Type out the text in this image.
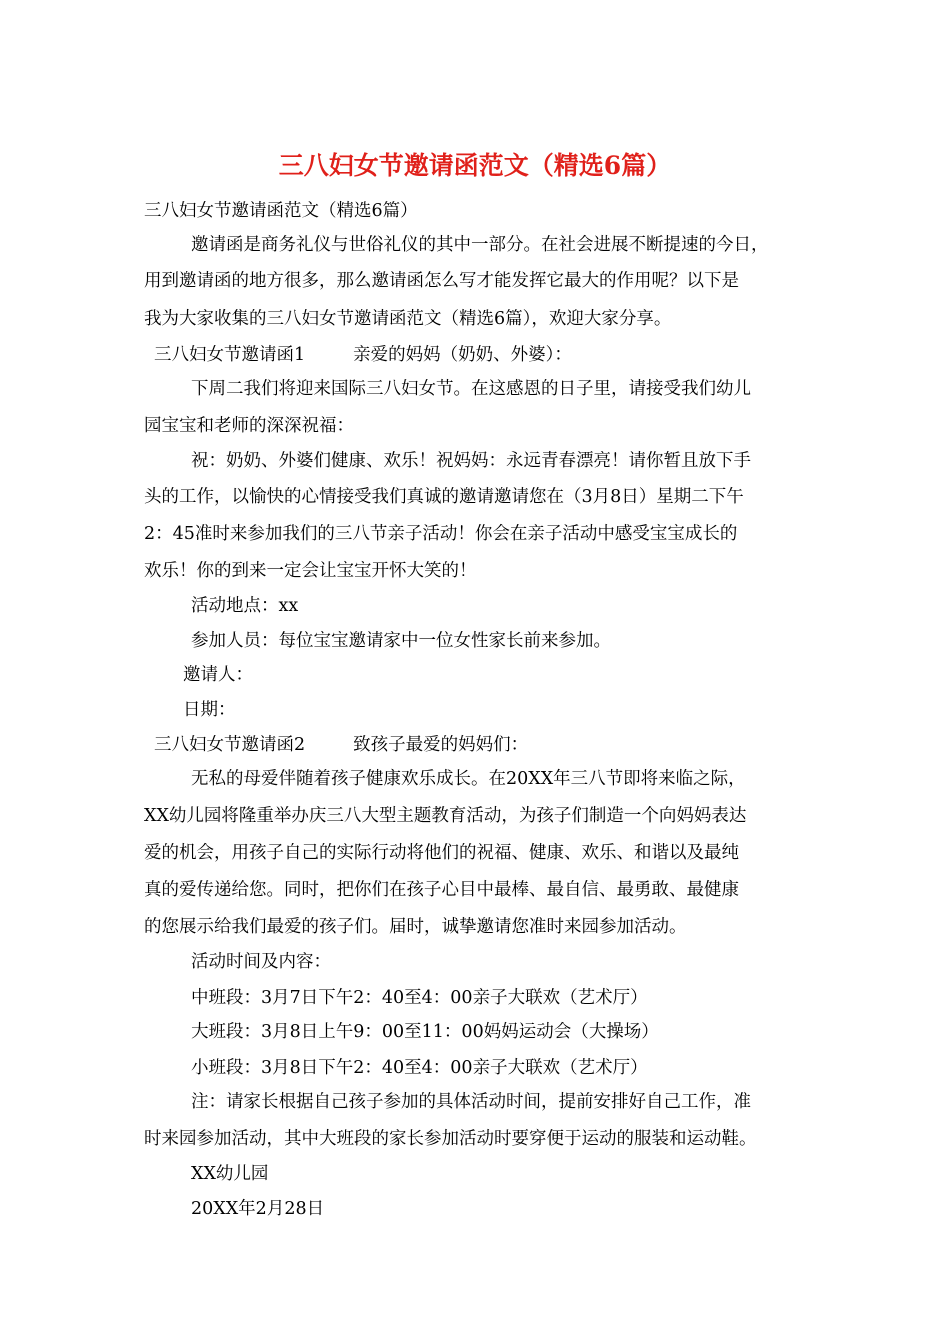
三八妇女节邀请函范文（精选6篇）
三八妇女节邀请函范文（精选6篇）
邀请函是商务礼仪与世俗礼仪的其中一部分。在社会进展不断提速的今日，
用到邀请函的地方很多，那么邀请函怎么写才能发挥它最大的作用呢？以下是
我为大家收集的三八妇女节邀请函范文（精选6篇），欢迎大家分享。
三八妇女节邀请函1	亲爱的妈妈（奶奶、外婆）：
下周二我们将迎来国际三八妇女节。在这感恩的日子里，请接受我们幼儿
园宝宝和老师的深深祝福：
祝：奶奶、外婆们健康、欢乐！祝妈妈：永远青春漂亮！请你暂且放下手
头的工作，以愉快的心情接受我们真诚的邀请邀请您在（3月8日）星期二下午
2：45准时来参加我们的三八节亲子活动！你会在亲子活动中感受宝宝成长的
欢乐！你的到来一定会让宝宝开怀大笑的！
活动地点：xx
参加人员：每位宝宝邀请家中一位女性家长前来参加。
邀请人：
日期：
三八妇女节邀请函2	致孩子最爱的妈妈们：
无私的母爱伴随着孩子健康欢乐成长。在20XX年三八节即将来临之际，
XX幼儿园将隆重举办庆三八大型主题教育活动，为孩子们制造一个向妈妈表达
爱的机会，用孩子自己的实际行动将他们的祝福、健康、欢乐、和谐以及最纯
真的爱传递给您。同时，把你们在孩子心目中最棒、最自信、最勇敢、最健康
的您展示给我们最爱的孩子们。届时，诚挚邀请您准时来园参加活动。
活动时间及内容：
中班段：3月7日下午2：40至4：00亲子大联欢（艺术厅）
大班段：3月8日上午9：00至11：00妈妈运动会（大操场）
小班段：3月8日下午2：40至4：00亲子大联欢（艺术厅）
注：请家长根据自己孩子参加的具体活动时间，提前安排好自己工作，准
时来园参加活动，其中大班段的家长参加活动时要穿便于运动的服装和运动鞋。
XX幼儿园
20XX年2月28日
